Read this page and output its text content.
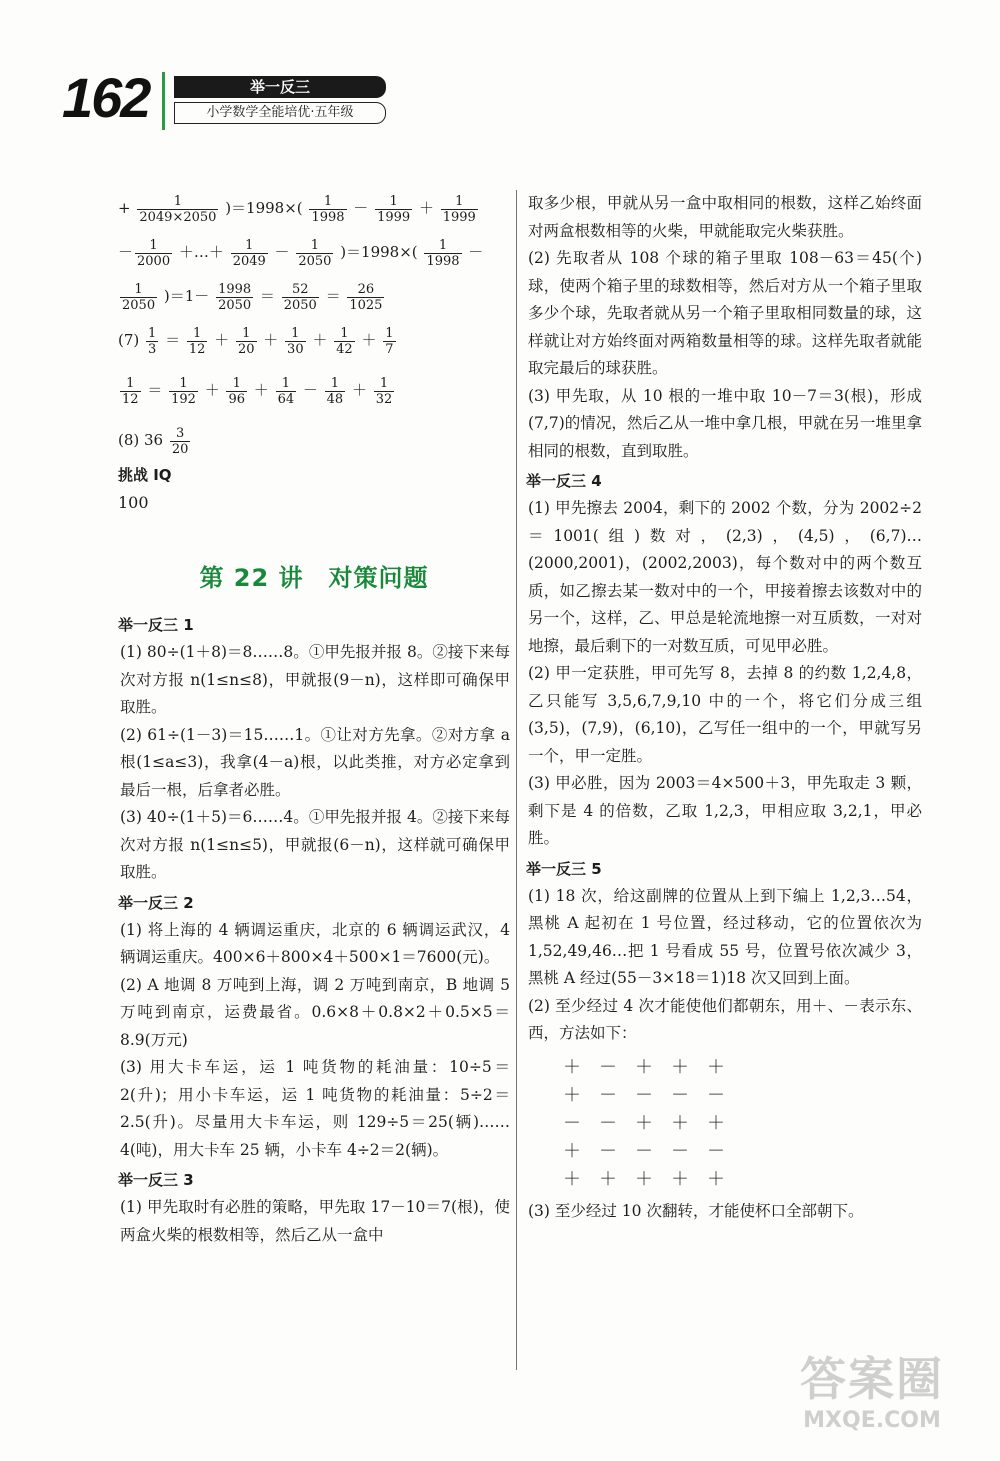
162	举一反三
小学数学全能培优·五年级
+ $\frac{1}{2049\times 2050} )=1998\times( \frac{1}{1998} - \frac{1}{1999} + \frac{1}{1999}$
－ $\frac{1}{2000}$ ＋…＋ $\frac{1}{2049} - \frac{1}{2050} )=1998\times( \frac{1}{1998}$ －
$\frac{1}{2050} )=1- \frac{1998}{2050} = \frac{52}{2050} = \frac{26}{1025}$
$(7) \frac{1}{3} = \frac{1}{12} + \frac{1}{20} + \frac{1}{30} + \frac{1}{42} + \frac{1}{7}$
$\frac{1}{12} = \frac{1}{192} + \frac{1}{96} + \frac{1}{64} - \frac{1}{48} + \frac{1}{32}$
(8) $36 \frac{3}{20}$
挑战 IQ
100
第 22 讲　对策问题
举一反三 1
(1) 80÷(1＋8)＝8……8。①甲先报并报 8。②接下来每次对方报 n(1≤n≤8)，甲就报(9－n)，这样即可确保甲取胜。
(2) 61÷(1－3)＝15……1。①让对方先拿。②对方拿 a 根(1≤a≤3)，我拿(4－a)根，以此类推，对方必定拿到最后一根，后拿者必胜。
(3) 40÷(1＋5)＝6……4。①甲先报并报 4。②接下来每次对方报 n(1≤n≤5)，甲就报(6－n)，这样就可确保甲取胜。
举一反三 2
(1) 将上海的 4 辆调运重庆，北京的 6 辆调运武汉，4 辆调运重庆。400×6＋800×4＋500×1＝7600(元)。
(2) A 地调 8 万吨到上海，调 2 万吨到南京，B 地调 5 万吨到南京，运费最省。0.6×8＋0.8×2＋0.5×5＝8.9(万元)
(3) 用大卡车运，运 1 吨货物的耗油量：10÷5＝2(升)；用小卡车运，运 1 吨货物的耗油量：5÷2＝2.5(升)。尽量用大卡车运，则 129÷5＝25(辆)……4(吨)，用大卡车 25 辆，小卡车 4÷2＝2(辆)。
举一反三 3
(1) 甲先取时有必胜的策略，甲先取 17－10＝7(根)，使两盒火柴的根数相等，然后乙从一盒中
取多少根，甲就从另一盒中取相同的根数，这样乙始终面对两盒根数相等的火柴，甲就能取完火柴获胜。
(2) 先取者从 108 个球的箱子里取 108－63＝45(个)球，使两个箱子里的球数相等，然后对方从一个箱子里取多少个球，先取者就从另一个箱子里取相同数量的球，这样就让对方始终面对两箱数量相等的球。这样先取者就能取完最后的球获胜。
(3) 甲先取，从 10 根的一堆中取 10－7＝3(根)，形成(7,7)的情况，然后乙从一堆中拿几根，甲就在另一堆里拿相同的根数，直到取胜。
举一反三 4
(1) 甲先擦去 2004，剩下的 2002 个数，分为 2002÷2＝1001(组)数对，(2,3)，(4,5)，(6,7)…(2000,2001)，(2002,2003)，每个数对中的两个数互质，如乙擦去某一数对中的一个，甲接着擦去该数对中的另一个，这样，乙、甲总是轮流地擦一对互质数，一对对地擦，最后剩下的一对数互质，可见甲必胜。
(2) 甲一定获胜，甲可先写 8，去掉 8 的约数 1,2,4,8，乙只能写 3,5,6,7,9,10 中的一个，将它们分成三组(3,5)，(7,9)，(6,10)，乙写任一组中的一个，甲就写另一个，甲一定胜。
(3) 甲必胜，因为 2003＝4×500＋3，甲先取走 3 颗，剩下是 4 的倍数，乙取 1,2,3，甲相应取 3,2,1，甲必胜。
举一反三 5
(1) 18 次，给这副牌的位置从上到下编上 1,2,3…54，黑桃 A 起初在 1 号位置，经过移动，它的位置依次为 1,52,49,46…把 1 号看成 55 号，位置号依次减少 3，黑桃 A 经过(55－3×18＝1)18 次又回到上面。
(2) 至少经过 4 次才能使他们都朝东，用＋、－表示东、西，方法如下：
＋	－	＋	＋	＋
＋	－	－	－	－
－	－	＋	＋	＋
＋	－	－	－	－
＋	＋	＋	＋	＋
(3) 至少经过 10 次翻转，才能使杯口全部朝下。
答案圈
MXQE.COM
